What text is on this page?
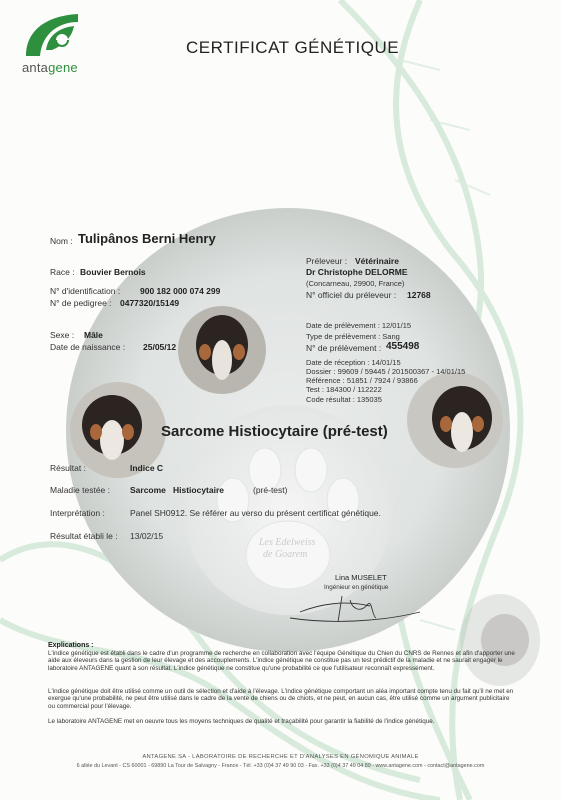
antagene
CERTIFICAT GÉNÉTIQUE
Nom : Tulipânos Berni Henry
Race : Bouvier Bernois
N° d'identification : 900 182 000 074 299
N° de pedigree : 0477320/15149
Sexe : Mâle
Date de naissance : 25/05/12
Préleveur : Vétérinaire
Dr Christophe DELORME
(Concarneau, 29900, France)
N° officiel du préleveur : 12768
Date de prélèvement : 12/01/15
Type de prélèvement : Sang
N° de prélèvement : 455498
Date de réception : 14/01/15
Dossier : 99609 / 59445 / 201500367 - 14/01/15
Référence : 51851 / 7924 / 93866
Test : 184300 / 112222
Code résultat : 135035
Sarcome Histiocytaire (pré-test)
Résultat :	Indice C
Maladie testée : Sarcome   Histiocytaire	(pré-test)
Interprétation :	Panel SH0912. Se référer au verso du présent certificat génétique.
Résultat établi le : 13/02/15
Les Edelweiss
de Goarem
Lina MUSELET
Ingénieur en génétique
Explications :
L'indice génétique est établi dans le cadre d'un programme de recherche en collaboration avec l'équipe Génétique du Chien du CNRS de Rennes et afin d'apporter une aide aux éleveurs dans la gestion de leur élevage et des accouplements. L'indice génétique ne constitue pas un test prédictif de la maladie et ne saurait engager le laboratoire ANTAGENE quant à son résultat. L'indice génétique ne constitue qu'une probabilité ce que l'utilisateur reconnaît expressément.
L'indice génétique doit être utilisé comme un outil de sélection et d'aide à l'élevage. L'indice génétique comportant un aléa important compte tenu du fait qu'il ne met en exergue qu'une probabilité, ne peut être utilisé dans le cadre de la vente de chiens ou de chiots, et ne peut, en aucun cas, être utilisé comme un argument publicitaire ou commercial pour l'élevage.
Le laboratoire ANTAGENE met en oeuvre tous les moyens techniques de qualité et traçabilité pour garantir la fiabilité de l'indice génétique.
ANTAGENE SA - LABORATOIRE DE RECHERCHE ET D'ANALYSES EN GÉNOMIQUE ANIMALE
6 allée du Levant - CS 60001 - 69890 La Tour de Salvagny - France - Tél. +33 (0)4 37 49 90 03 - Fax. +33 (0)4 37 49 04 89 - www.antagene.com - contact@antagene.com
